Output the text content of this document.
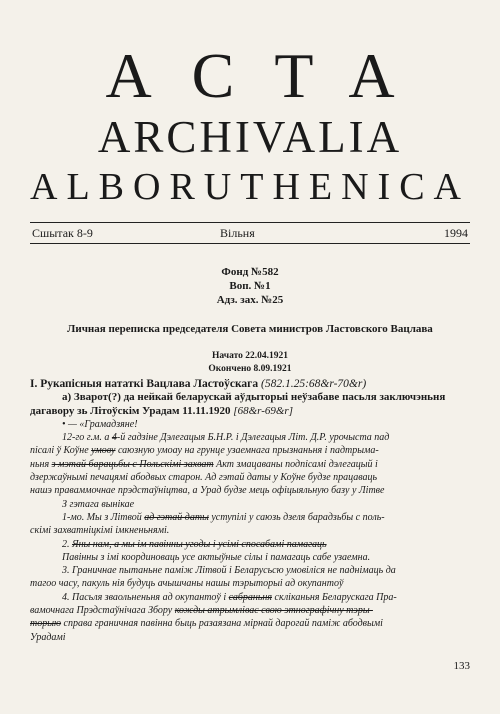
ACTA
ARCHIVALIA
ALBORUTHENICA
Сшытак 8-9	Вільня	1994
Фонд №582
Воп. №1
Адз. зах. №25
Личная переписка председателя Совета министров Ластовского Вацлава
Начато 22.04.1921
Окончено 8.09.1921

I. Рукапісныя нататкі Вацлава Ластоўскага (582.1.25:68&r-70&r)

а) Зварот(?) да нейкай беларускай аўдыторыі неўзабаве пасьля заключэньня

дагавору зь Літоўскім Урадам 11.11.1920 [68&r-69&r]

• — «Грамадзяне!

12-го г.м. а 4-й гадзіне Дэлегацыя Б.Н.Р. і Дэлегацыя Літ. Д.Р. урочыста пад

пісалі ў Коўне умову саюзную умоау на грунце узаемнага прызнаньня і падтрыма-

ньня з мэтай барацьбы с Польскімі захват Акт змацаваны подпісамі дэлегацый і

дзержаўнымі печацямі абодвых старон. Ад гэтай даты у Коўне будзе працаваць

нашэ праваммочнае прэдстаўніцтва, а Урад будзе мець офіцыяльную базу у Літве

З гэтага вынікае

1-мо. Мы з Літвой ад гэтай даты уступілі у саюзь дзеля барадзьбы с поль-

скімі захватніцкімі імкненьнямі.

2. Яны нам, а мы ім павінны угоды і усімі спосабамі памагаць

Павінны з імі координоваць усе актыўные сілы і памагаць сабе узаемна.

3. Граничнае пытаньне паміж Літвой і Беларусьсю умовіліся не паднімаць да

тагоо часу, пакуль нія будуць ачышчаны нашы тэрыторыі ад окупантоў

4. Пасьля зваольненьня ад окупантоў і сабраньня скліканьня Беларускага Пра-

вамочнага Прэдстаўнічага Збору кожды атрымліває свою этнографічну тэры-

торыю справа граничная павінна быць разаязана мірнай дарогай паміж абодвымі

Урадамі

133
